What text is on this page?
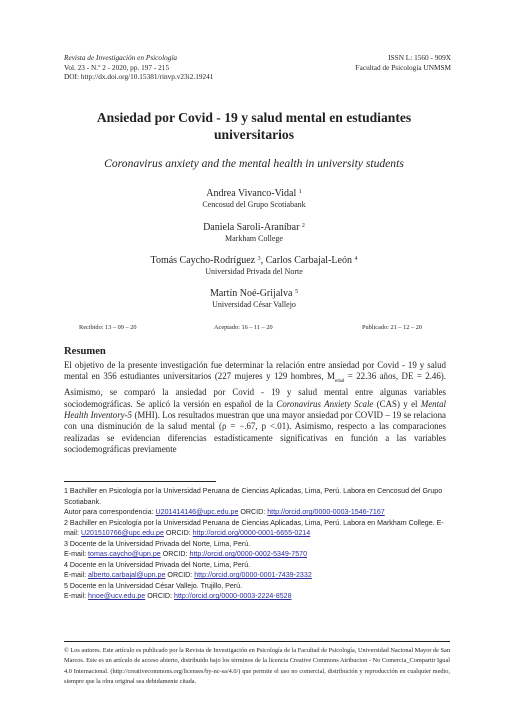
Revista de Investigación en Psicología
Vol. 23 - N.º 2 - 2020, pp. 197 - 215
DOI: http://dx.doi.org/10.15381/rinvp.v23i2.19241
ISSN L: 1560 - 909X
Facultad de Psicología UNMSM
Ansiedad por Covid - 19 y salud mental en estudiantes
universitarios
Coronavirus anxiety and the mental health in university students
Andrea Vivanco-Vidal $^1$
Cencosud del Grupo Scotiabank
Daniela Saroli-Araníbar $^2$
Markham College
Tomás Caycho-Rodríguez $^3$, Carlos Carbajal-León $^4$
Universidad Privada del Norte
Martín Noé-Grijalva $^5$
Universidad César Vallejo
Recibido: 13 – 09 – 20	Aceptado: 16 – 11 – 20	Publicado: 21 – 12 – 20
Resumen
El objetivo de la presente investigación fue determinar la relación entre ansiedad por Covid - 19 y salud mental en 356 estudiantes universitarios (227 mujeres y 129 hombres, $M_{edad} = 22.36$ años, DE = 2.46). Asimismo, se comparó la ansiedad por Covid - 19 y salud mental entre algunas variables sociodemográficas. Se aplicó la versión en español de la Coronavirus Anxiety Scale (CAS) y el Mental Health Inventory-5 (MHI). Los resultados muestran que una mayor ansiedad por COVID – 19 se relaciona con una disminución de la salud mental (ρ = −.67, p <.01). Asimismo, respecto a las comparaciones realizadas se evidencian diferencias estadísticamente significativas en función a las variables sociodemográficas previamente
1 Bachiller en Psicología por la Universidad Peruana de Ciencias Aplicadas, Lima, Perú. Labora en Cencosud del Grupo Scotiabank.
Autor para correspondencia: U201414146@upc.edu.pe ORCID: http://orcid.org/0000-0003-1546-7167
2 Bachiller en Psicología por la Universidad Peruana de Ciencias Aplicadas, Lima, Perú. Labora en Markham College. E-mail: U201510766@upc.edu.pe ORCID: http://orcid.org/0000-0001-6655-0214
3 Docente de la Universidad Privada del Norte, Lima, Perú.
E-mail: tomas.caycho@upn.pe ORCID: http://orcid.org/0000-0002-5349-7570
4 Docente en la Universidad Privada del Norte, Lima, Perú.
E-mail: alberto.carbajal@upn.pe ORCID: http://orcid.org/0000-0001-7439-2332
5 Docente en la Universidad César Vallejo. Trujillo, Perú.
E-mail: hnoe@ucv.edu.pe ORCID: http://orcid.org/0000-0003-2224-8528
© Los autores. Este artículo es publicado por la Revista de Investigación en Psicología de la Facultad de Psicología, Universidad Nacional Mayor de San Marcos. Este es un artículo de acceso abierto, distribuido bajo los términos de la licencia Creative Commons Atribucion - No Comercia_Compartir Igual 4.0 Internacional. (http://creativecommons.org/licenses/by-nc-sa/4.0/) que permite el uso no comercial, distribución y reproducción en cualquier medio, siempre que la obra original sea debidamente citada.
